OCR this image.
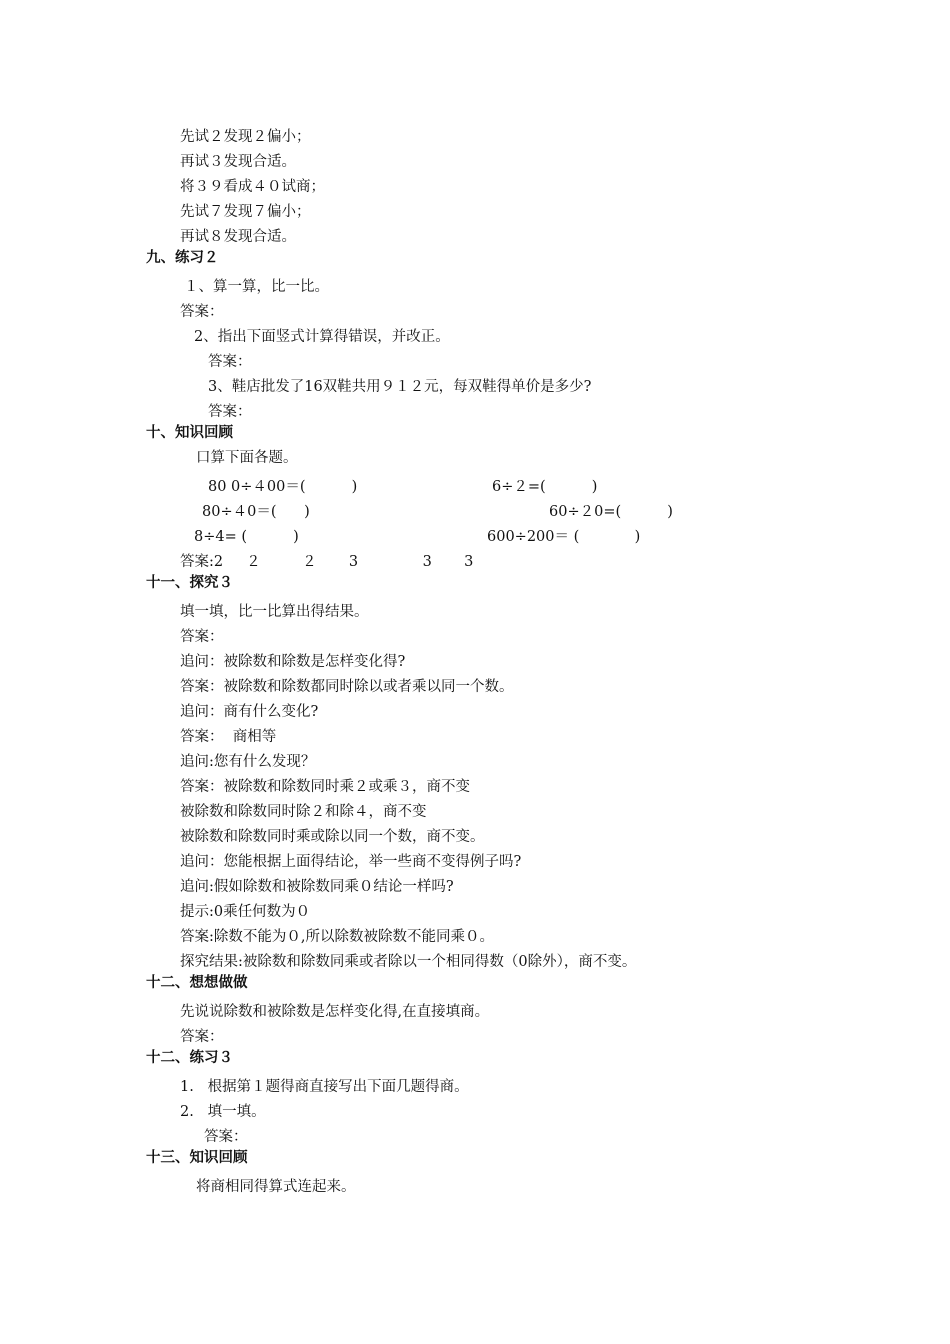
先试２发现２偏小；
再试３发现合适。
将３９看成４０试商；
先试７发现７偏小；
再试８发现合适。
九、练习２
１、算一算，比一比。
答案：
2、指出下面竖式计算得错误，并改正。
答案：
3、鞋店批发了16双鞋共用９１２元，每双鞋得单价是多少?
答案：
十、知识回顾
口算下面各题。
80 0÷４00＝(          )	6÷２=(          )
80÷４0＝(      )	60÷２0=(          )
8÷4= (          )	600÷200＝ (            )
答案:2     ２         ２       3              3       3
十一、探究３
填一填，比一比算出得结果。
答案：
追问：被除数和除数是怎样变化得?
答案：被除数和除数都同时除以或者乘以同一个数。
追问：商有什么变化?
答案：  商相等
追问:您有什么发现？
答案：被除数和除数同时乘２或乘３，商不变
被除数和除数同时除２和除４，商不变
被除数和除数同时乘或除以同一个数，商不变。
追问：您能根据上面得结论，举一些商不变得例子吗?
追问:假如除数和被除数同乘０结论一样吗?
提示:0乘任何数为０
答案:除数不能为０,所以除数被除数不能同乘０。
探究结果:被除数和除数同乘或者除以一个相同得数（0除外），商不变。
十二、想想做做
先说说除数和被除数是怎样变化得,在直接填商。
答案：
十二、练习３
1.   根据第１题得商直接写出下面几题得商。
2.   填一填。
答案：
十三、知识回顾
将商相同得算式连起来。
